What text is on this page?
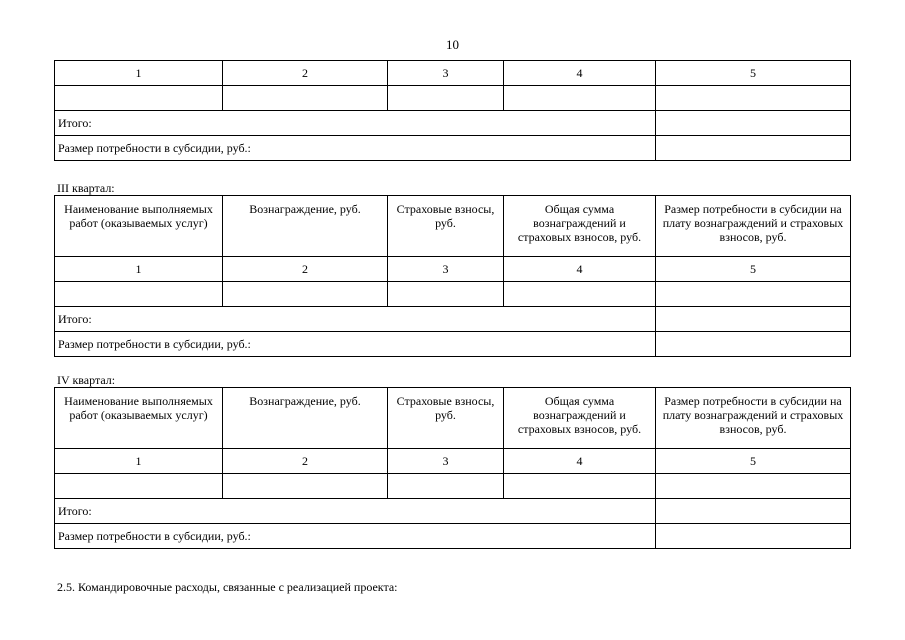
10
1	2	3	4	5

Итого:				
Размер потребности в субсидии, руб.:				
III квартал:
Наименование выполняемых работ (оказываемых услуг)	Вознаграждение, руб.	Страховые взносы, руб.	Общая сумма вознаграждений и страховых взносов, руб.	Размер потребности в субсидии на плату вознаграждений и страховых взносов, руб.
1	2	3	4	5

Итого:				
Размер потребности в субсидии, руб.:				
IV квартал:
Наименование выполняемых работ (оказываемых услуг)	Вознаграждение, руб.	Страховые взносы, руб.	Общая сумма вознаграждений и страховых взносов, руб.	Размер потребности в субсидии на плату вознаграждений и страховых взносов, руб.
1	2	3	4	5

Итого:				
Размер потребности в субсидии, руб.:				
2.5. Командировочные расходы, связанные с реализацией проекта:
